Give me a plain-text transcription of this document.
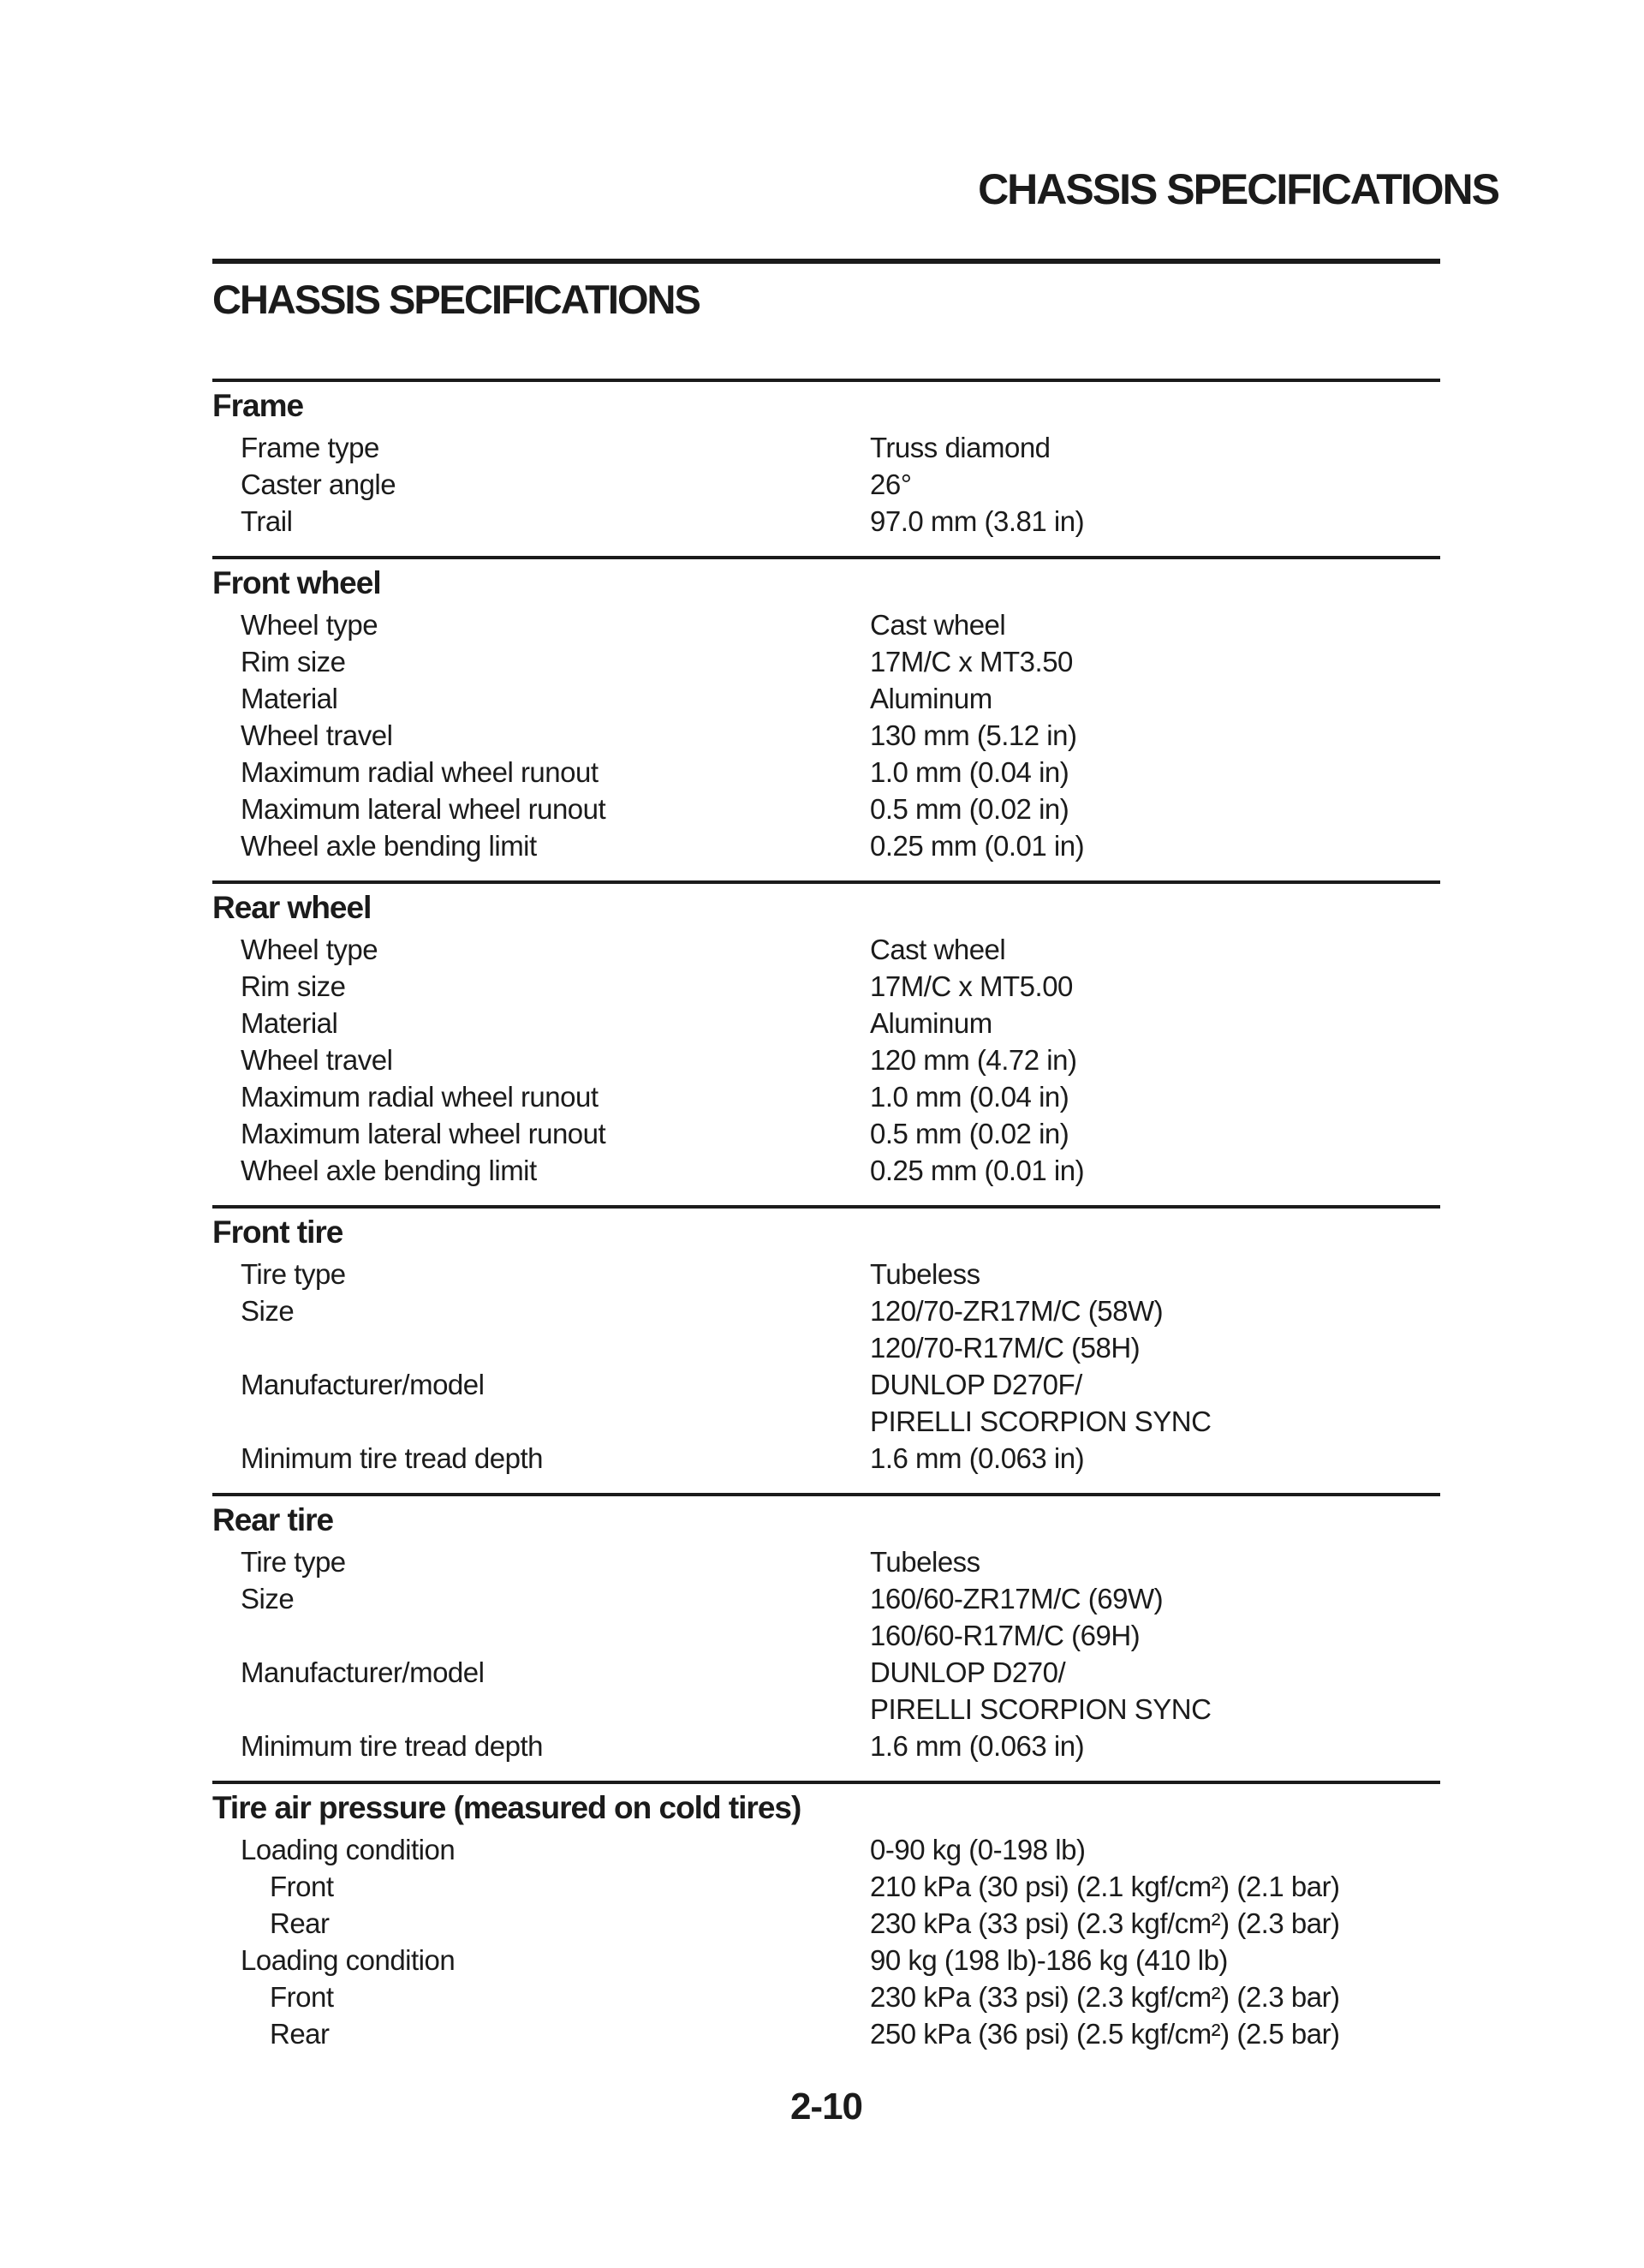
CHASSIS SPECIFICATIONS
CHASSIS SPECIFICATIONS
Frame
Frame type	Truss diamond
Caster angle	26°
Trail	97.0 mm (3.81 in)
Front wheel
Wheel type	Cast wheel
Rim size	17M/C x MT3.50
Material	Aluminum
Wheel travel	130 mm (5.12 in)
Maximum radial wheel runout	1.0 mm (0.04 in)
Maximum lateral wheel runout	0.5 mm (0.02 in)
Wheel axle bending limit	0.25 mm (0.01 in)
Rear wheel
Wheel type	Cast wheel
Rim size	17M/C x MT5.00
Material	Aluminum
Wheel travel	120 mm (4.72 in)
Maximum radial wheel runout	1.0 mm (0.04 in)
Maximum lateral wheel runout	0.5 mm (0.02 in)
Wheel axle bending limit	0.25 mm (0.01 in)
Front tire
Tire type	Tubeless
Size	120/70-ZR17M/C (58W)
120/70-R17M/C (58H)
Manufacturer/model	DUNLOP D270F/
PIRELLI SCORPION SYNC
Minimum tire tread depth	1.6 mm (0.063 in)
Rear tire
Tire type	Tubeless
Size	160/60-ZR17M/C (69W)
160/60-R17M/C (69H)
Manufacturer/model	DUNLOP D270/
PIRELLI SCORPION SYNC
Minimum tire tread depth	1.6 mm (0.063 in)
Tire air pressure (measured on cold tires)
Loading condition	0-90 kg (0-198 lb)
Front	210 kPa (30 psi) (2.1 kgf/cm²) (2.1 bar)
Rear	230 kPa (33 psi) (2.3 kgf/cm²) (2.3 bar)
Loading condition	90 kg (198 lb)-186 kg (410 lb)
Front	230 kPa (33 psi) (2.3 kgf/cm²) (2.3 bar)
Rear	250 kPa (36 psi) (2.5 kgf/cm²) (2.5 bar)
2-10
